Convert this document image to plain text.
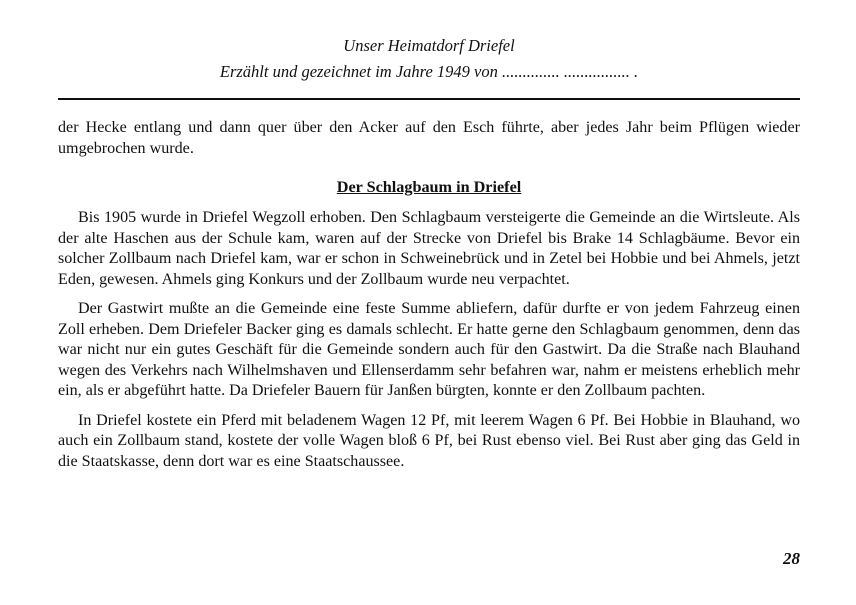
Unser Heimatdorf Driefel
Erzählt und gezeichnet im Jahre 1949 von .............. ................ .

der Hecke entlang und dann quer über den Acker auf den Esch führte, aber jedes Jahr beim Pflügen wieder umgebrochen wurde.

Der Schlagbaum in Driefel

Bis 1905 wurde in Driefel Wegzoll erhoben. Den Schlagbaum versteigerte die Gemeinde an die Wirtsleute. Als der alte Haschen aus der Schule kam, waren auf der Strecke von Driefel bis Brake 14 Schlagbäume. Bevor ein solcher Zollbaum nach Driefel kam, war er schon in Schweinebrück und in Zetel bei Hobbie und bei Ahmels, jetzt Eden, gewesen. Ahmels ging Konkurs und der Zollbaum wurde neu verpachtet.

Der Gastwirt mußte an die Gemeinde eine feste Summe abliefern, dafür durfte er von jedem Fahrzeug einen Zoll erheben. Dem Driefeler Backer ging es damals schlecht. Er hatte gerne den Schlagbaum genommen, denn das war nicht nur ein gutes Geschäft für die Gemeinde sondern auch für den Gastwirt. Da die Straße nach Blauhand wegen des Verkehrs nach Wilhelmshaven und Ellenserdamm sehr befahren war, nahm er meistens erheblich mehr ein, als er abgeführt hatte. Da Driefeler Bauern für Janßen bürgten, konnte er den Zollbaum pachten.

In Driefel kostete ein Pferd mit beladenem Wagen 12 Pf, mit leerem Wagen 6 Pf. Bei Hobbie in Blauhand, wo auch ein Zollbaum stand, kostete der volle Wagen bloß 6 Pf, bei Rust ebenso viel. Bei Rust aber ging das Geld in die Staatskasse, denn dort war es eine Staatschaussee.

28
